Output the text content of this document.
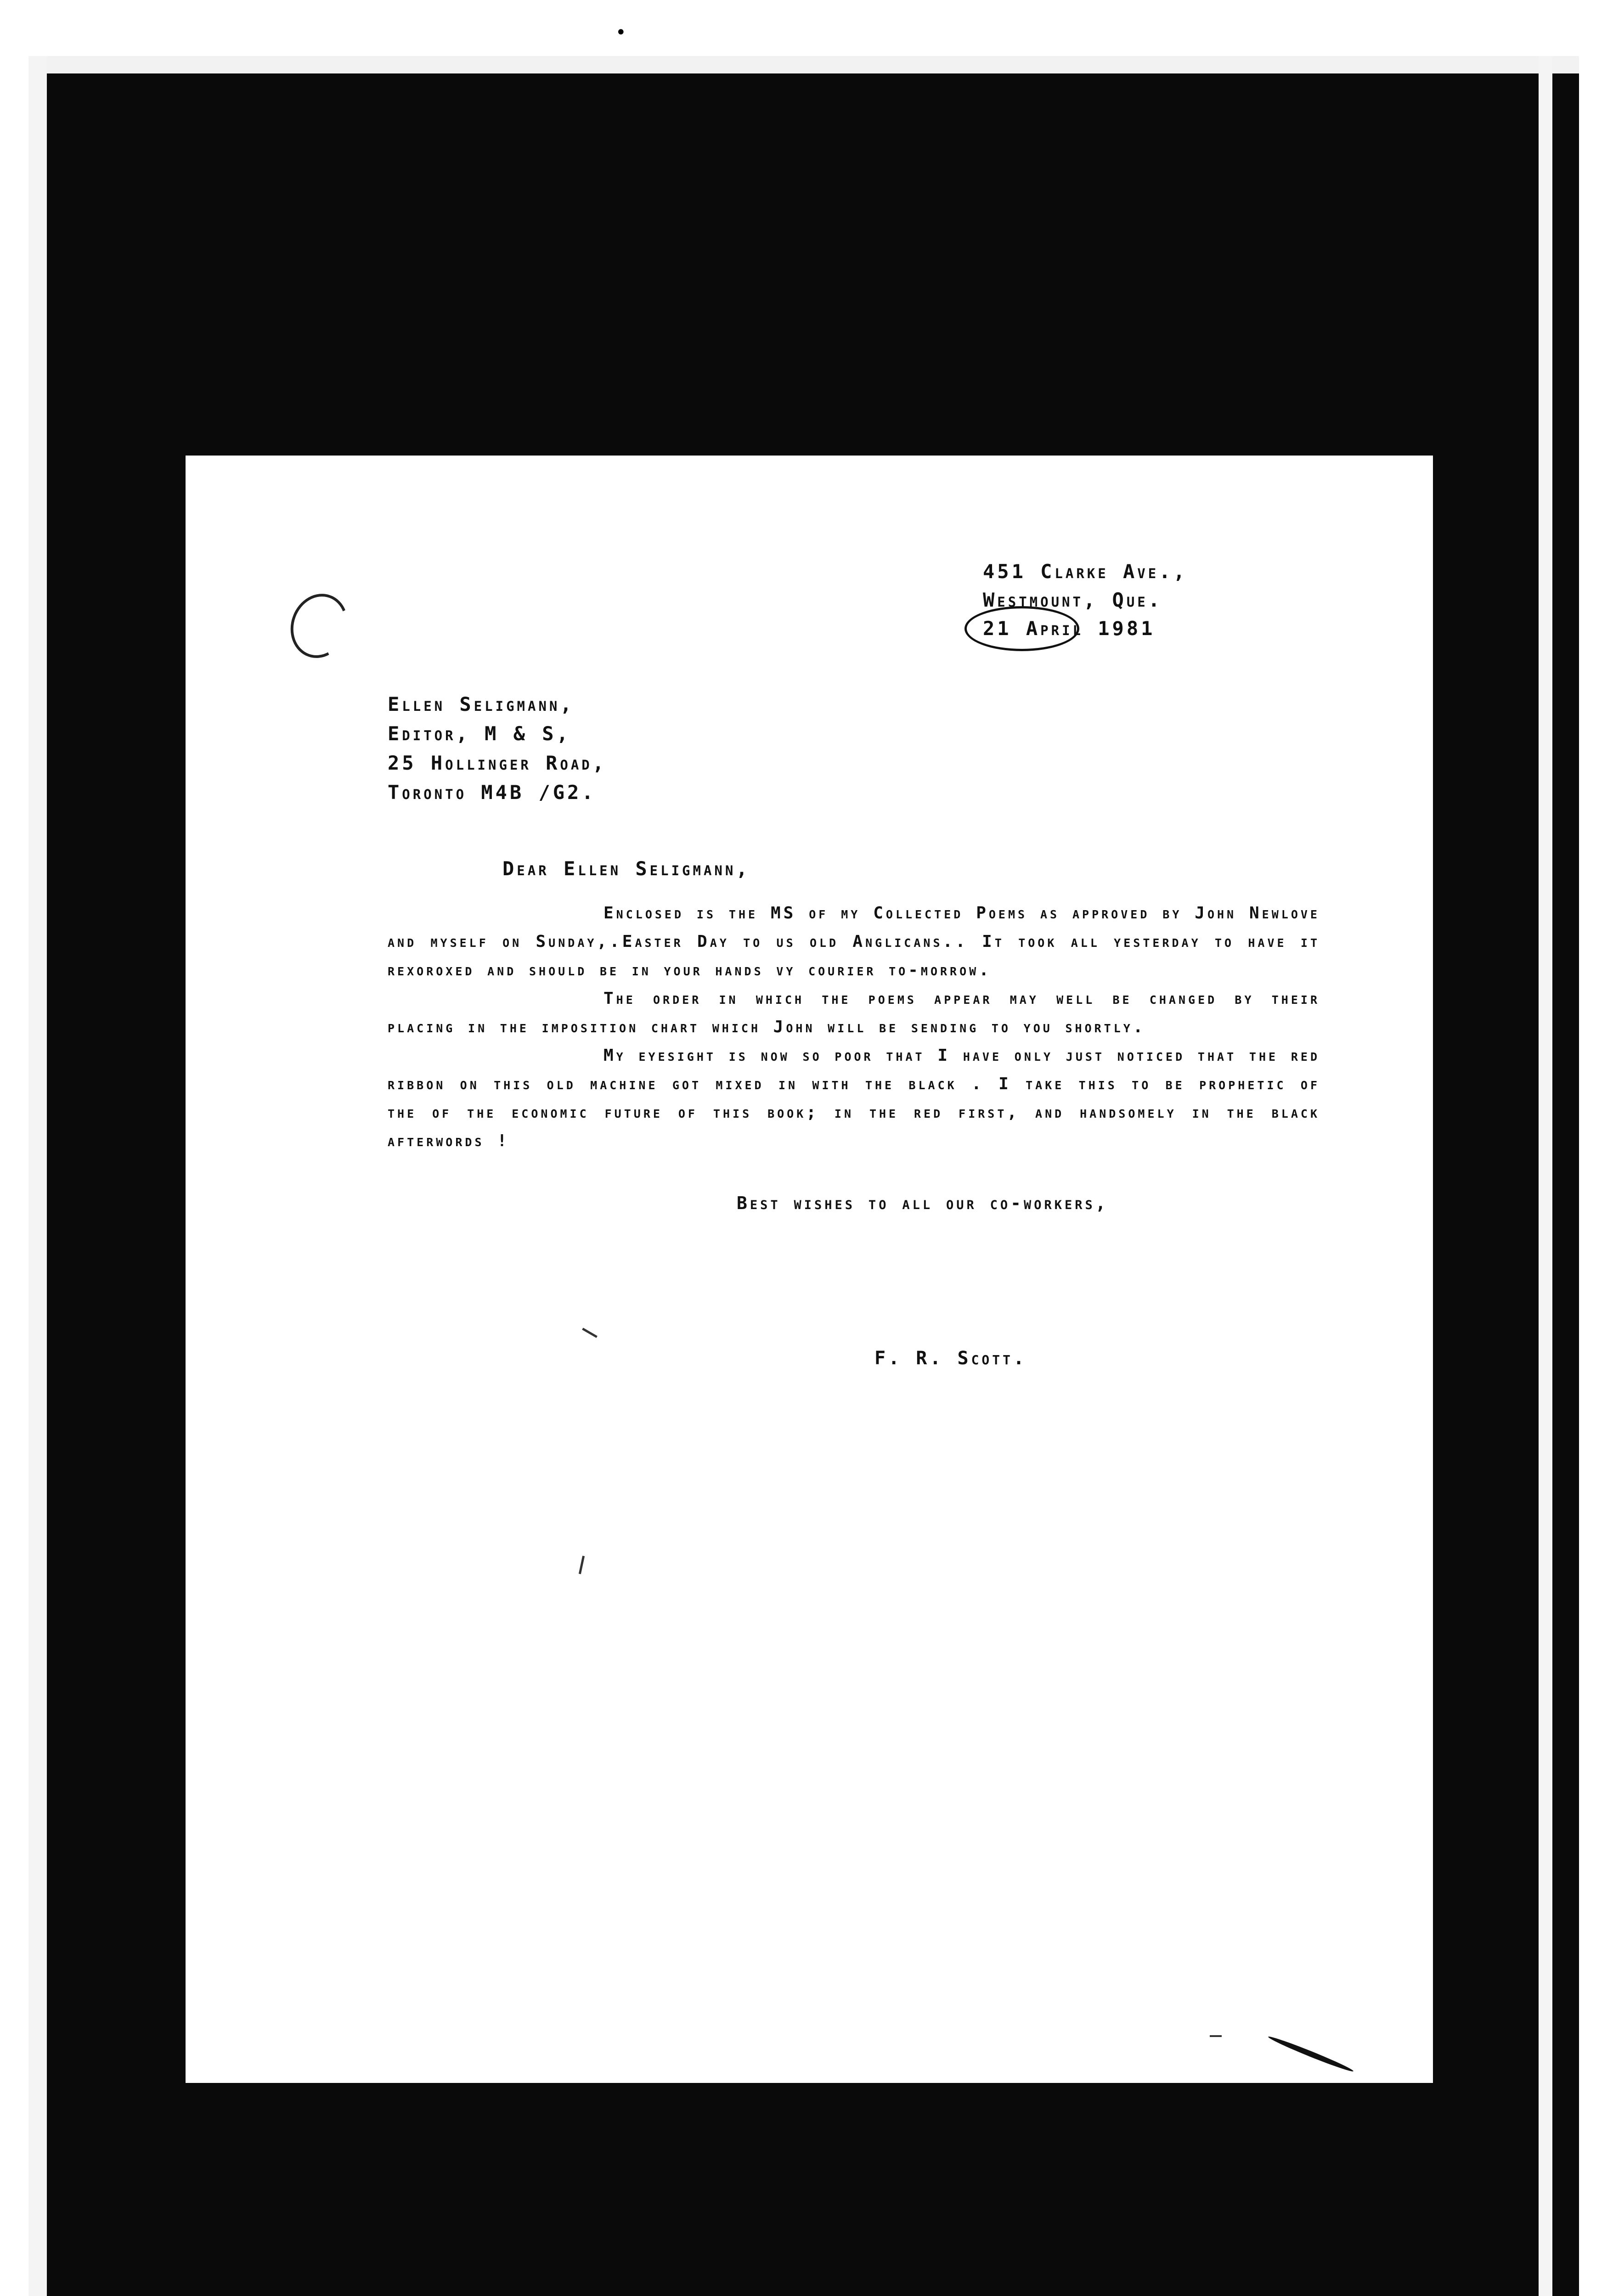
•
451 Clarke Ave.,
Westmount, Que.
21 April 1981
Ellen Seligmann,
Editor, M & S,
25 Hollinger Road,
Toronto M4B /G2.
Dear Ellen Seligmann,

Enclosed is the MS of my Collected Poems as approved by John Newlove and myself on Sunday,.Easter Day to us old Anglicans.. It took all yesterday to have it rexoroxed and should be in your hands vy courier to-morrow.

The order in which the poems appear may well be changed by their placing in the imposition chart which John will be sending to you shortly.

My eyesight is now so poor that I have only just noticed that the red ribbon on this old machine got mixed in with the black . I take this to be prophetic of the of the economic future of this book; in the red first, and handsomely in the black afterwords !

Best wishes to all our co-workers,
F. R. Scott.
